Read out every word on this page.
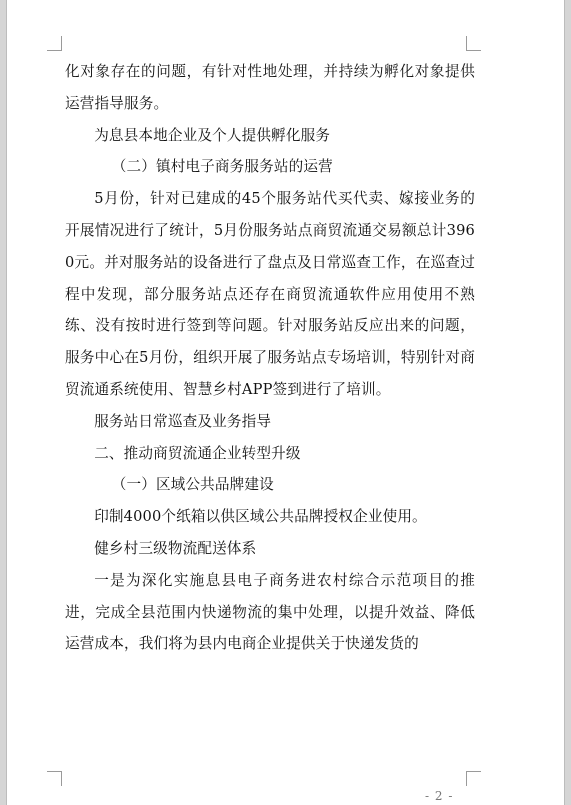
化对象存在的问题，有针对性地处理，并持续为孵化对象提供运营指导服务。

为息县本地企业及个人提供孵化服务

（二）镇村电子商务服务站的运营

5月份，针对已建成的45个服务站代买代卖、嫁接业务的开展情况进行了统计，5月份服务站点商贸流通交易额总计3960元。并对服务站的设备进行了盘点及日常巡查工作，在巡查过程中发现，部分服务站点还存在商贸流通软件应用使用不熟练、没有按时进行签到等问题。针对服务站反应出来的问题，服务中心在5月份，组织开展了服务站点专场培训，特别针对商贸流通系统使用、智慧乡村APP签到进行了培训。

服务站日常巡查及业务指导

二、推动商贸流通企业转型升级

（一）区域公共品牌建设

印制4000个纸箱以供区域公共品牌授权企业使用。

健乡村三级物流配送体系

一是为深化实施息县电子商务进农村综合示范项目的推进，完成全县范围内快递物流的集中处理，以提升效益、降低运营成本，我们将为县内电商企业提供关于快递发货的

- 2 -
